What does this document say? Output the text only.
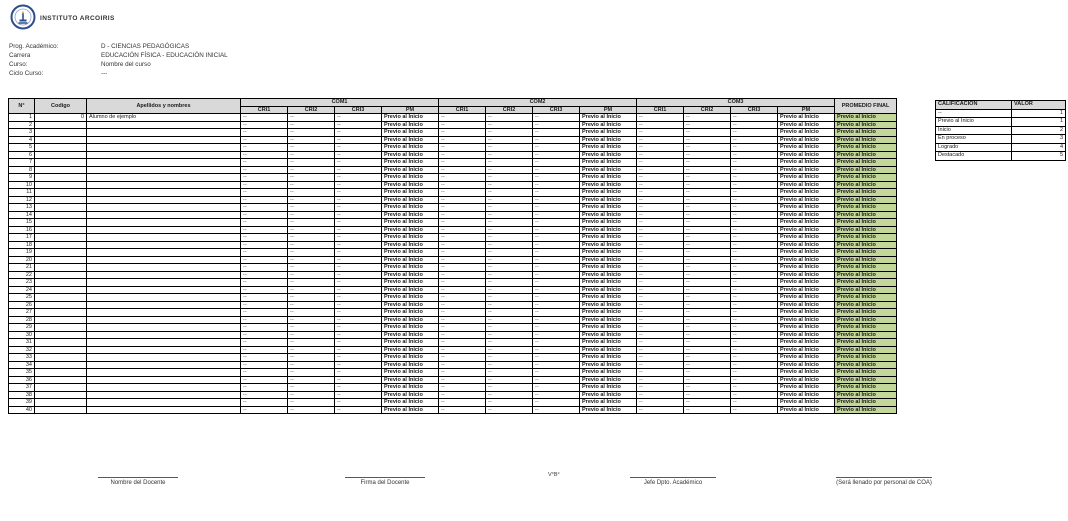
INSTITUTO ARCOIRIS
Prog. Académico:	D - CIENCIAS PEDAGÓGICAS
Carrera	EDUCACIÓN FÍSICA - EDUCACIÓN INICIAL
Curso:	Nombre del curso
Ciclo Curso:	---
N°	Codigo	Apellidos y nombres	COM1				COM2				COM3				PROMEDIO FINAL
			CRI1	CRI2	CRI3	PM	CRI1	CRI2	CRI3	PM	CRI1	CRI2	CRI3	PM	
1	0	Alumno de ejemplo	--	--	--	Previo al Inicio	--	--	--	Previo al Inicio	--	--	--	Previo al Inicio	Previo al Inicio
2			--	--	--	Previo al Inicio	--	--	--	Previo al Inicio	--	--	--	Previo al Inicio	Previo al Inicio
3			--	--	--	Previo al Inicio	--	--	--	Previo al Inicio	--	--	--	Previo al Inicio	Previo al Inicio
4			--	--	--	Previo al Inicio	--	--	--	Previo al Inicio	--	--	--	Previo al Inicio	Previo al Inicio
5			--	--	--	Previo al Inicio	--	--	--	Previo al Inicio	--	--	--	Previo al Inicio	Previo al Inicio
6			--	--	--	Previo al Inicio	--	--	--	Previo al Inicio	--	--	--	Previo al Inicio	Previo al Inicio
7			--	--	--	Previo al Inicio	--	--	--	Previo al Inicio	--	--	--	Previo al Inicio	Previo al Inicio
8			--	--	--	Previo al Inicio	--	--	--	Previo al Inicio	--	--	--	Previo al Inicio	Previo al Inicio
9			--	--	--	Previo al Inicio	--	--	--	Previo al Inicio	--	--	--	Previo al Inicio	Previo al Inicio
10			--	--	--	Previo al Inicio	--	--	--	Previo al Inicio	--	--	--	Previo al Inicio	Previo al Inicio
11			--	--	--	Previo al Inicio	--	--	--	Previo al Inicio	--	--	--	Previo al Inicio	Previo al Inicio
12			--	--	--	Previo al Inicio	--	--	--	Previo al Inicio	--	--	--	Previo al Inicio	Previo al Inicio
13			--	--	--	Previo al Inicio	--	--	--	Previo al Inicio	--	--	--	Previo al Inicio	Previo al Inicio
14			--	--	--	Previo al Inicio	--	--	--	Previo al Inicio	--	--	--	Previo al Inicio	Previo al Inicio
15			--	--	--	Previo al Inicio	--	--	--	Previo al Inicio	--	--	--	Previo al Inicio	Previo al Inicio
16			--	--	--	Previo al Inicio	--	--	--	Previo al Inicio	--	--	--	Previo al Inicio	Previo al Inicio
17			--	--	--	Previo al Inicio	--	--	--	Previo al Inicio	--	--	--	Previo al Inicio	Previo al Inicio
18			--	--	--	Previo al Inicio	--	--	--	Previo al Inicio	--	--	--	Previo al Inicio	Previo al Inicio
19			--	--	--	Previo al Inicio	--	--	--	Previo al Inicio	--	--	--	Previo al Inicio	Previo al Inicio
20			--	--	--	Previo al Inicio	--	--	--	Previo al Inicio	--	--	--	Previo al Inicio	Previo al Inicio
21			--	--	--	Previo al Inicio	--	--	--	Previo al Inicio	--	--	--	Previo al Inicio	Previo al Inicio
22			--	--	--	Previo al Inicio	--	--	--	Previo al Inicio	--	--	--	Previo al Inicio	Previo al Inicio
23			--	--	--	Previo al Inicio	--	--	--	Previo al Inicio	--	--	--	Previo al Inicio	Previo al Inicio
24			--	--	--	Previo al Inicio	--	--	--	Previo al Inicio	--	--	--	Previo al Inicio	Previo al Inicio
25			--	--	--	Previo al Inicio	--	--	--	Previo al Inicio	--	--	--	Previo al Inicio	Previo al Inicio
26			--	--	--	Previo al Inicio	--	--	--	Previo al Inicio	--	--	--	Previo al Inicio	Previo al Inicio
27			--	--	--	Previo al Inicio	--	--	--	Previo al Inicio	--	--	--	Previo al Inicio	Previo al Inicio
28			--	--	--	Previo al Inicio	--	--	--	Previo al Inicio	--	--	--	Previo al Inicio	Previo al Inicio
29			--	--	--	Previo al Inicio	--	--	--	Previo al Inicio	--	--	--	Previo al Inicio	Previo al Inicio
30			--	--	--	Previo al Inicio	--	--	--	Previo al Inicio	--	--	--	Previo al Inicio	Previo al Inicio
31			--	--	--	Previo al Inicio	--	--	--	Previo al Inicio	--	--	--	Previo al Inicio	Previo al Inicio
32			--	--	--	Previo al Inicio	--	--	--	Previo al Inicio	--	--	--	Previo al Inicio	Previo al Inicio
33			--	--	--	Previo al Inicio	--	--	--	Previo al Inicio	--	--	--	Previo al Inicio	Previo al Inicio
34			--	--	--	Previo al Inicio	--	--	--	Previo al Inicio	--	--	--	Previo al Inicio	Previo al Inicio
35			--	--	--	Previo al Inicio	--	--	--	Previo al Inicio	--	--	--	Previo al Inicio	Previo al Inicio
36			--	--	--	Previo al Inicio	--	--	--	Previo al Inicio	--	--	--	Previo al Inicio	Previo al Inicio
37			--	--	--	Previo al Inicio	--	--	--	Previo al Inicio	--	--	--	Previo al Inicio	Previo al Inicio
38			--	--	--	Previo al Inicio	--	--	--	Previo al Inicio	--	--	--	Previo al Inicio	Previo al Inicio
39			--	--	--	Previo al Inicio	--	--	--	Previo al Inicio	--	--	--	Previo al Inicio	Previo al Inicio
40			--	--	--	Previo al Inicio	--	--	--	Previo al Inicio	--	--	--	Previo al Inicio	Previo al Inicio
CALIFICACION	VALOR
--	1
Previo al Inicio	1
Inicio	2
En proceso	3
Logrado	4
Destacado	5
Nombre del Docente	Firma del Docente
V°B°
Jefe Dpto. Académico	(Será llenado por personal de COA)
